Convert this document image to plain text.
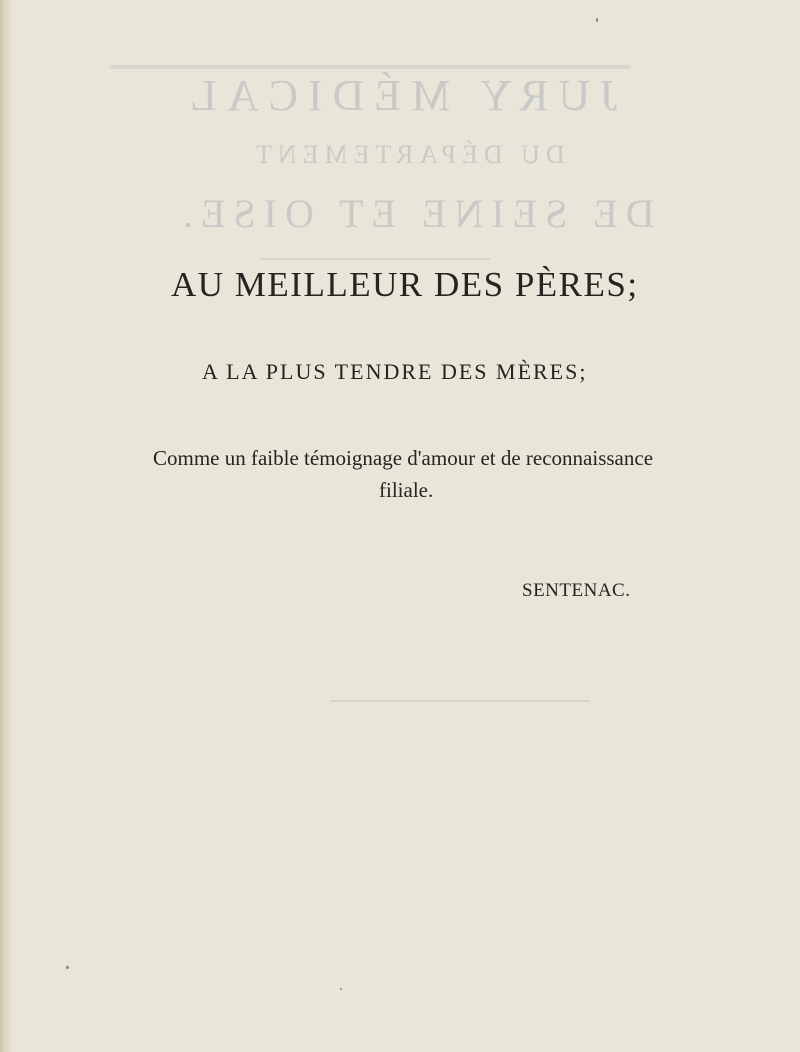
JURY MÉDICAL
DU DÉPARTEMENT
DE SEINE ET OISE.
AU MEILLEUR DES PÈRES;
A LA PLUS TENDRE DES MÈRES;
Comme un faible témoignage d'amour et de reconnaissance
filiale.
SENTENAC.
